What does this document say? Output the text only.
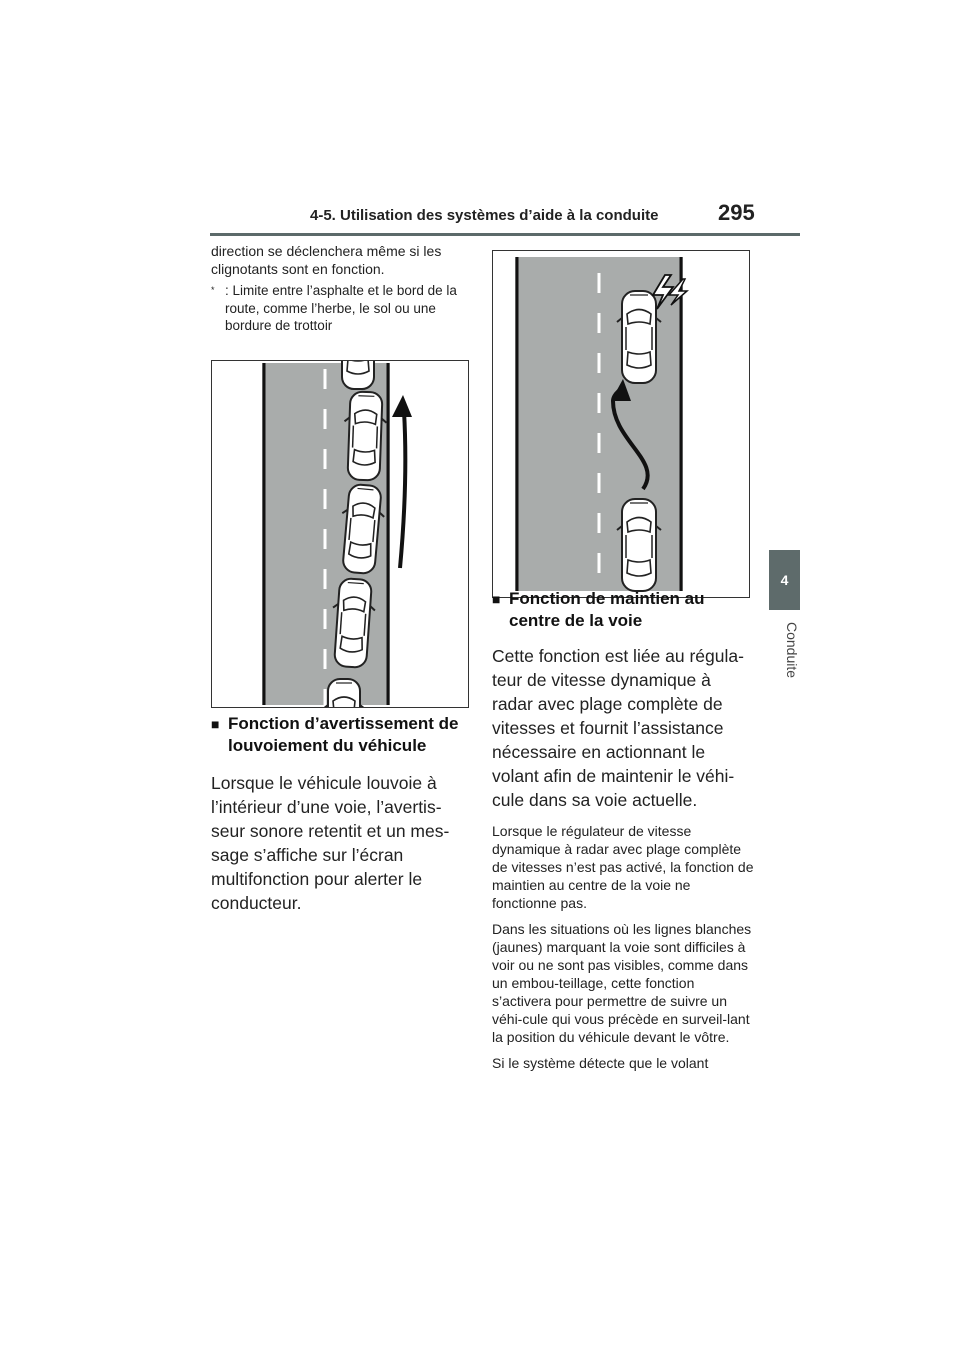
4-5. Utilisation des systèmes d’aide à la conduite	295
4
Conduite

direction se déclenchera même si les clignotants sont en fonction.

* : Limite entre l’asphalte et le bord de la route, comme l’herbe, le sol ou une bordure de trottoir
■ Fonction d’avertissement de louvoiement du véhicule

Lorsque le véhicule louvoie à l’intérieur d’une voie, l’avertis-seur sonore retentit et un mes-sage s’affiche sur l’écran multifonction pour alerter le conducteur.

■ Fonction de maintien au centre de la voie

Cette fonction est liée au régula-teur de vitesse dynamique à radar avec plage complète de vitesses et fournit l’assistance nécessaire en actionnant le volant afin de maintenir le véhi-cule dans sa voie actuelle.

Lorsque le régulateur de vitesse dynamique à radar avec plage complète de vitesses n’est pas activé, la fonction de maintien au centre de la voie ne fonctionne pas.

Dans les situations où les lignes blanches (jaunes) marquant la voie sont difficiles à voir ou ne sont pas visibles, comme dans un embou-teillage, cette fonction s’activera pour permettre de suivre un véhi-cule qui vous précède en surveil-lant la position du véhicule devant le vôtre.

Si le système détecte que le volant
